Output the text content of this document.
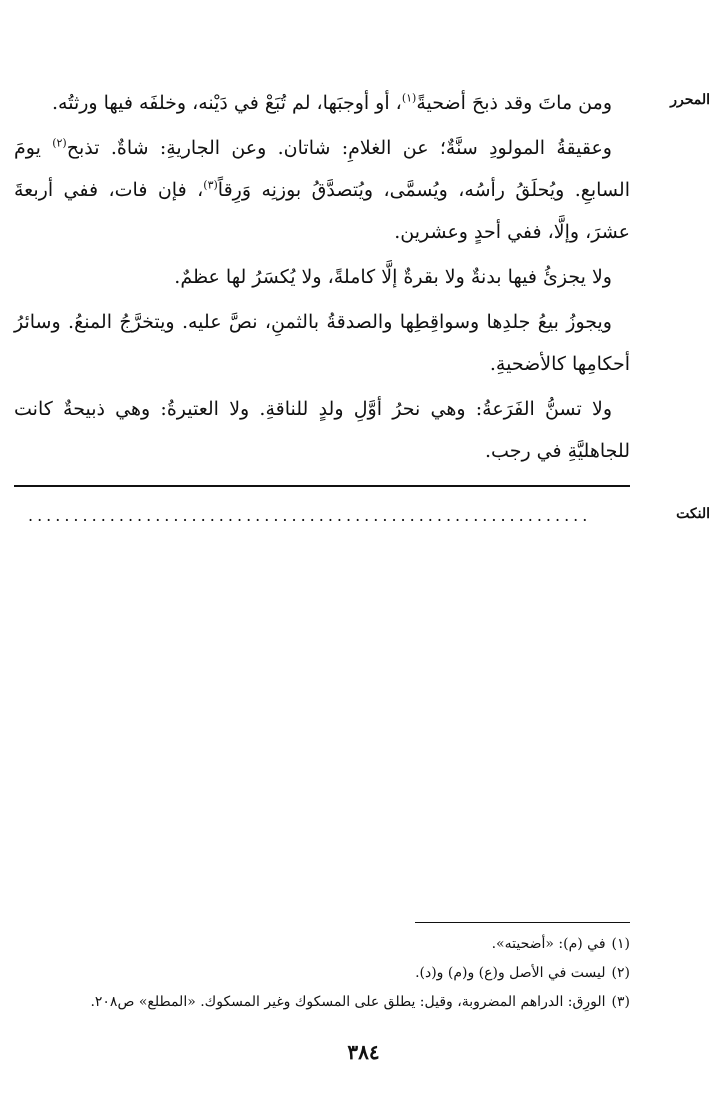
المحرر

ومن ماتَ وقد ذبحَ أضحيةً$^{(١)}$، أو أوجبَها، لم تُبَعْ في دَيْنه، وخلفَه فيها ورثتُه.

وعقيقةُ المولودِ سنَّةٌ؛ عن الغلامِ: شاتان. وعن الجاريةِ: شاةٌ. تذبح$^{(٢)}$ يومَ السابعِ. ويُحلَقُ رأسُه، ويُسمَّى، ويُتصدَّقُ بوزنِه وَرِقاً$^{(٣)}$، فإن فات، ففي أربعةَ عشرَ، وإلَّا، ففي أحدٍ وعشرين.

ولا يجزئُ فيها بدنةٌ ولا بقرةٌ إلَّا كاملةً، ولا يُكسَرُ لها عظمٌ.

ويجوزُ بيعُ جلدِها وسواقِطِها والصدقةُ بالثمنِ، نصَّ عليه. ويتخرَّجُ المنعُ. وسائرُ أحكامِها كالأضحيةِ.

ولا تسنُّ الفَرَعةُ: وهي نحرُ أوَّلِ ولدٍ للناقةِ. ولا العتيرةُ: وهي ذبيحةٌ كانت للجاهليَّةِ في رجب.

النكت
..............................................................
(١)في (م): «أضحيته».
(٢)ليست في الأصل و(ع) و(م) و(د).
(٣)الورِق: الدراهم المضروبة، وقيل: يطلق على المسكوك وغير المسكوك. «المطلع» ص٢٠٨.
٣٨٤
